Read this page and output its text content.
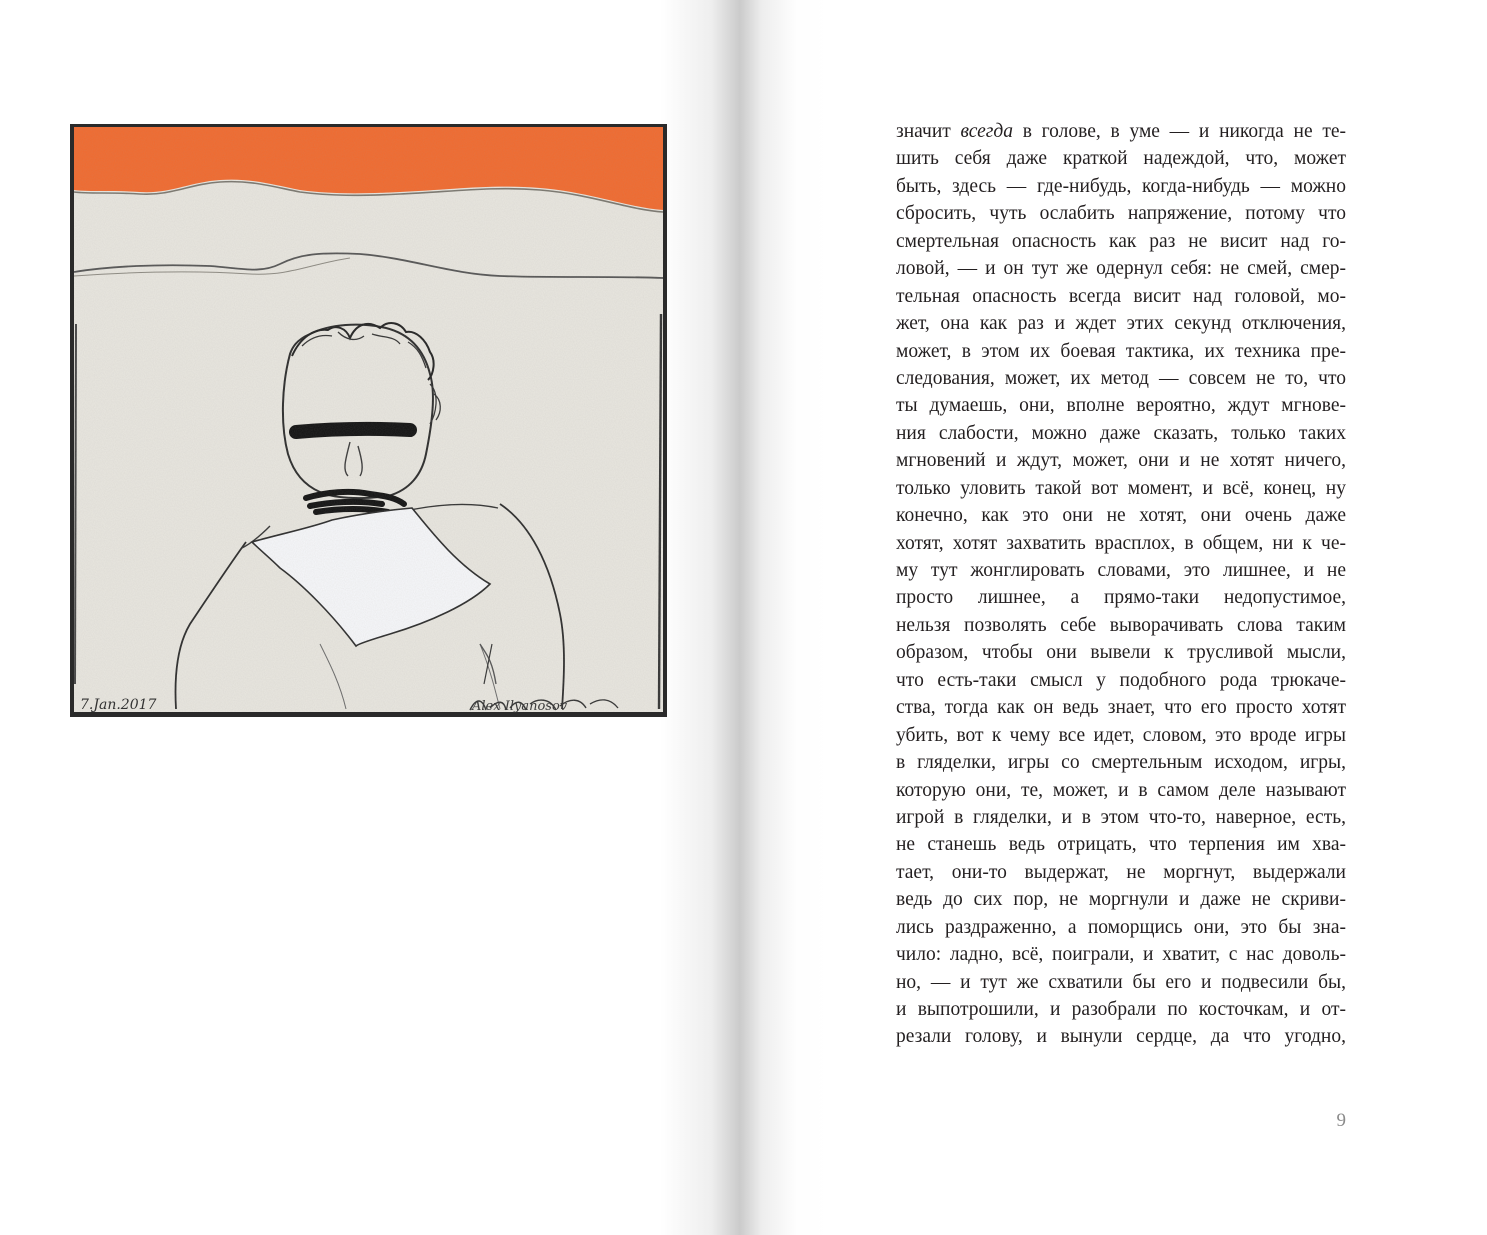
7.Jan.2017	Alex Ilyanosov
значит всегда в голове, в уме — и никогда не те-
шить себя даже краткой надеждой, что, может
быть, здесь — где-нибудь, когда-нибудь — можно
сбросить, чуть ослабить напряжение, потому что
смертельная опасность как раз не висит над го-
ловой, — и он тут же одернул себя: не смей, смер-
тельная опасность всегда висит над головой, мо-
жет, она как раз и ждет этих секунд отключения,
может, в этом их боевая тактика, их техника пре-
следования, может, их метод — совсем не то, что
ты думаешь, они, вполне вероятно, ждут мгнове-
ния слабости, можно даже сказать, только таких
мгновений и ждут, может, они и не хотят ничего,
только уловить такой вот момент, и всё, конец, ну
конечно, как это они не хотят, они очень даже
хотят, хотят захватить врасплох, в общем, ни к че-
му тут жонглировать словами, это лишнее, и не
просто лишнее, а прямо-таки недопустимое,
нельзя позволять себе выворачивать слова таким
образом, чтобы они вывели к трусливой мысли,
что есть-таки смысл у подобного рода трюкаче-
ства, тогда как он ведь знает, что его просто хотят
убить, вот к чему все идет, словом, это вроде игры
в гляделки, игры со смертельным исходом, игры,
которую они, те, может, и в самом деле называют
игрой в гляделки, и в этом что-то, наверное, есть,
не станешь ведь отрицать, что терпения им хва-
тает, они-то выдержат, не моргнут, выдержали
ведь до сих пор, не моргнули и даже не скриви-
лись раздраженно, а поморщись они, это бы зна-
чило: ладно, всё, поиграли, и хватит, с нас доволь-
но, — и тут же схватили бы его и подвесили бы,
и выпотрошили, и разобрали по косточкам, и от-
резали голову, и вынули сердце, да что угодно,
9
